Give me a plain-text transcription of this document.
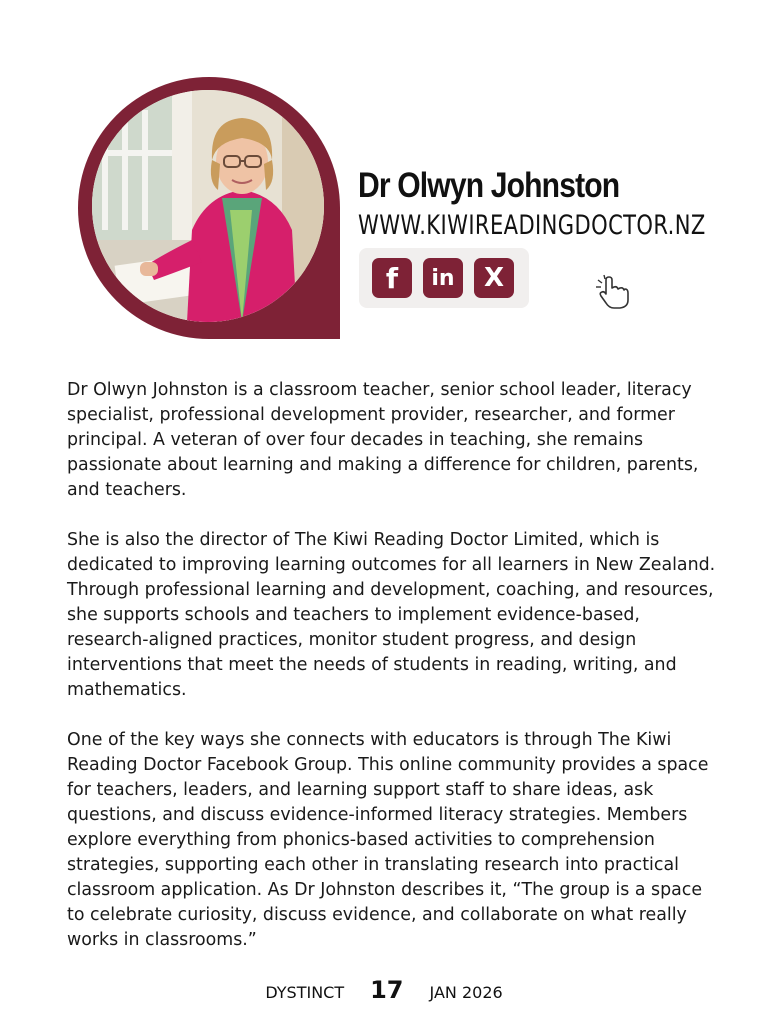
Dr Olwyn Johnston
WWW.KIWIREADINGDOCTOR.NZ
f	in	X

Dr Olwyn Johnston is a classroom teacher, senior school leader, literacy specialist, professional development provider, researcher, and former principal. A veteran of over four decades in teaching, she remains passionate about learning and making a difference for children, parents, and teachers.

She is also the director of The Kiwi Reading Doctor Limited, which is dedicated to improving learning outcomes for all learners in New Zealand. Through professional learning and development, coaching, and resources, she supports schools and teachers to implement evidence-based, research-aligned practices, monitor student progress, and design interventions that meet the needs of students in reading, writing, and mathematics.

One of the key ways she connects with educators is through The Kiwi Reading Doctor Facebook Group. This online community provides a space for teachers, leaders, and learning support staff to share ideas, ask questions, and discuss evidence-informed literacy strategies. Members explore everything from phonics-based activities to comprehension strategies, supporting each other in translating research into practical classroom application. As Dr Johnston describes it, “The group is a space to celebrate curiosity, discuss evidence, and collaborate on what really works in classrooms.”

DYSTINCT 17 JAN 2026
